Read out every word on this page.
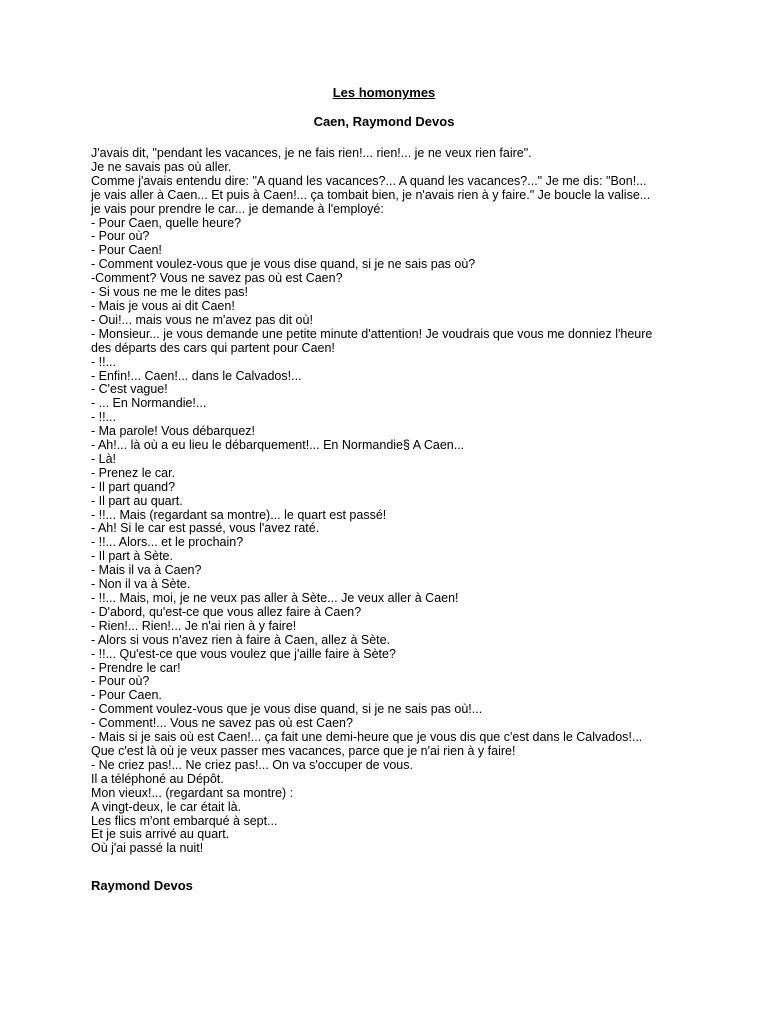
Les homonymes
Caen, Raymond Devos
J'avais dit, "pendant les vacances, je ne fais rien!... rien!... je ne veux rien faire".
Je ne savais pas où aller.
Comme j'avais entendu dire: "A quand les vacances?... A quand les vacances?..." Je me dis: "Bon!...
je vais aller à Caen... Et puis à Caen!... ça tombait bien, je n'avais rien à y faire." Je boucle la valise...
je vais pour prendre le car... je demande à l'employé:
- Pour Caen, quelle heure?
- Pour où?
- Pour Caen!
- Comment voulez-vous que je vous dise quand, si je ne sais pas où?
-Comment? Vous ne savez pas où est Caen?
- Si vous ne me le dites pas!
- Mais je vous ai dit Caen!
- Oui!... mais vous ne m'avez pas dit où!
- Monsieur... je vous demande une petite minute d'attention! Je voudrais que vous me donniez l'heure
des départs des cars qui partent pour Caen!
- !!...
- Enfin!... Caen!... dans le Calvados!...
- C'est vague!
- ... En Normandie!...
- !!...
- Ma parole! Vous débarquez!
- Ah!... là où a eu lieu le débarquement!... En Normandie§ A Caen...
- Là!
- Prenez le car.
- Il part quand?
- Il part au quart.
- !!... Mais (regardant sa montre)... le quart est passé!
- Ah! Si le car est passé, vous l'avez raté.
- !!... Alors... et le prochain?
- Il part à Sète.
- Mais il va à Caen?
- Non il va à Sète.
- !!... Mais, moi, je ne veux pas aller à Sète... Je veux aller à Caen!
- D'abord, qu'est-ce que vous allez faire à Caen?
- Rien!... Rien!... Je n'ai rien à y faire!
- Alors si vous n'avez rien à faire à Caen, allez à Sète.
- !!... Qu'est-ce que vous voulez que j'aille faire à Sète?
- Prendre le car!
- Pour où?
- Pour Caen.
- Comment voulez-vous que je vous dise quand, si je ne sais pas où!...
- Comment!... Vous ne savez pas où est Caen?
- Mais si je sais où est Caen!... ça fait une demi-heure que je vous dis que c'est dans le Calvados!...
Que c'est là où je veux passer mes vacances, parce que je n'ai rien à y faire!
- Ne criez pas!... Ne criez pas!... On va s'occuper de vous.
Il a téléphoné au Dépôt.
Mon vieux!... (regardant sa montre) :
A vingt-deux, le car était là.
Les flics m'ont embarqué à sept...
Et je suis arrivé au quart.
Où j'ai passé la nuit!
Raymond Devos
